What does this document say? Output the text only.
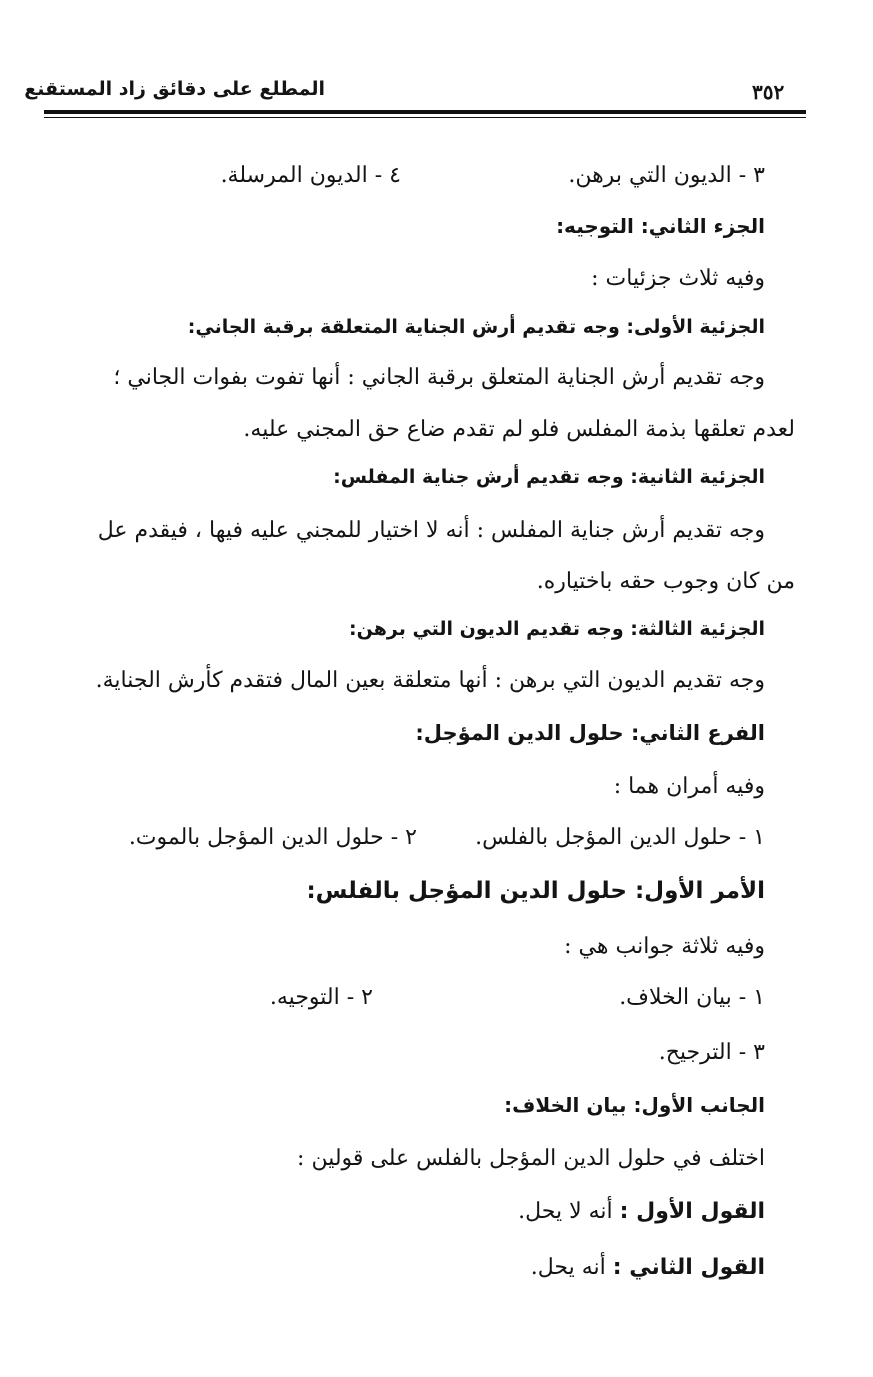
المطلع على دقائق زاد المستقنع	٣٥٢
٣ - الديون التي برهن.
٤ - الديون المرسلة.
الجزء الثاني: التوجيه:
وفيه ثلاث جزئيات :
الجزئية الأولى: وجه تقديم أرش الجناية المتعلقة برقبة الجاني:
وجه تقديم أرش الجناية المتعلق برقبة الجاني : أنها تفوت بفوات الجاني ؛
لعدم تعلقها بذمة المفلس فلو لم تقدم ضاع حق المجني عليه.
الجزئية الثانية: وجه تقديم أرش جناية المفلس:
وجه تقديم أرش جناية المفلس : أنه لا اختيار للمجني عليه فيها ، فيقدم عل
من كان وجوب حقه باختياره.
الجزئية الثالثة: وجه تقديم الديون التي برهن:
وجه تقديم الديون التي برهن : أنها متعلقة بعين المال فتقدم كأرش الجناية.
الفرع الثاني: حلول الدين المؤجل:
وفيه أمران هما :
١ - حلول الدين المؤجل بالفلس.
٢ - حلول الدين المؤجل بالموت.
الأمر الأول: حلول الدين المؤجل بالفلس:
وفيه ثلاثة جوانب هي :
١ - بيان الخلاف.
٢ - التوجيه.
٣ - الترجيح.
الجانب الأول: بيان الخلاف:
اختلف في حلول الدين المؤجل بالفلس على قولين :
القول الأول : أنه لا يحل.
القول الثاني : أنه يحل.
